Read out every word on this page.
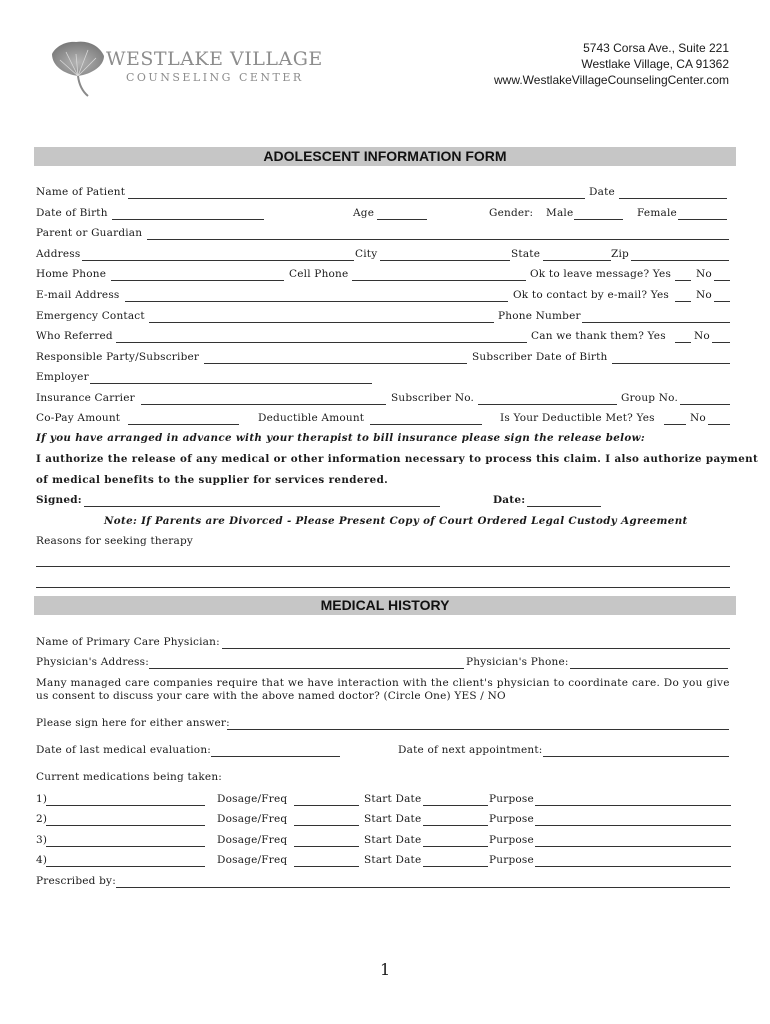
WESTLAKE VILLAGE
COUNSELING CENTER
5743 Corsa Ave., Suite 221
Westlake Village, CA 91362
www.WestlakeVillageCounselingCenter.com
ADOLESCENT INFORMATION FORM
Name of Patient	Date
Date of Birth	Age	Gender: Male	Female
Parent or Guardian
Address	City	State	Zip
Home Phone	Cell Phone	Ok to leave message? Yes No
E-mail Address	Ok to contact by e-mail? Yes	No
Emergency Contact	Phone Number
Who Referred	Can we thank them? Yes	No
Responsible Party/Subscriber	Subscriber Date of Birth
Employer
Insurance Carrier	Subscriber No.	Group No.
Co-Pay Amount	Deductible Amount	Is Your Deductible Met? Yes	No
If you have arranged in advance with your therapist to bill insurance please sign the release below:
I authorize the release of any medical or other information necessary to process this claim. I also authorize payment
of medical benefits to the supplier for services rendered.
Signed:	Date:
Note: If Parents are Divorced - Please Present Copy of Court Ordered Legal Custody Agreement
Reasons for seeking therapy
MEDICAL HISTORY
Name of Primary Care Physician:
Physician's Address:	Physician's Phone:
Many managed care companies require that we have interaction with the client's physician to coordinate care. Do you give
us consent to discuss your care with the above named doctor? (Circle One) YES / NO
Please sign here for either answer:
Date of last medical evaluation:	Date of next appointment:
Current medications being taken:
1)	Dosage/Freq	Start Date	Purpose
2)	Dosage/Freq	Start Date	Purpose
3)	Dosage/Freq	Start Date	Purpose
4)	Dosage/Freq	Start Date	Purpose
Prescribed by:
1
